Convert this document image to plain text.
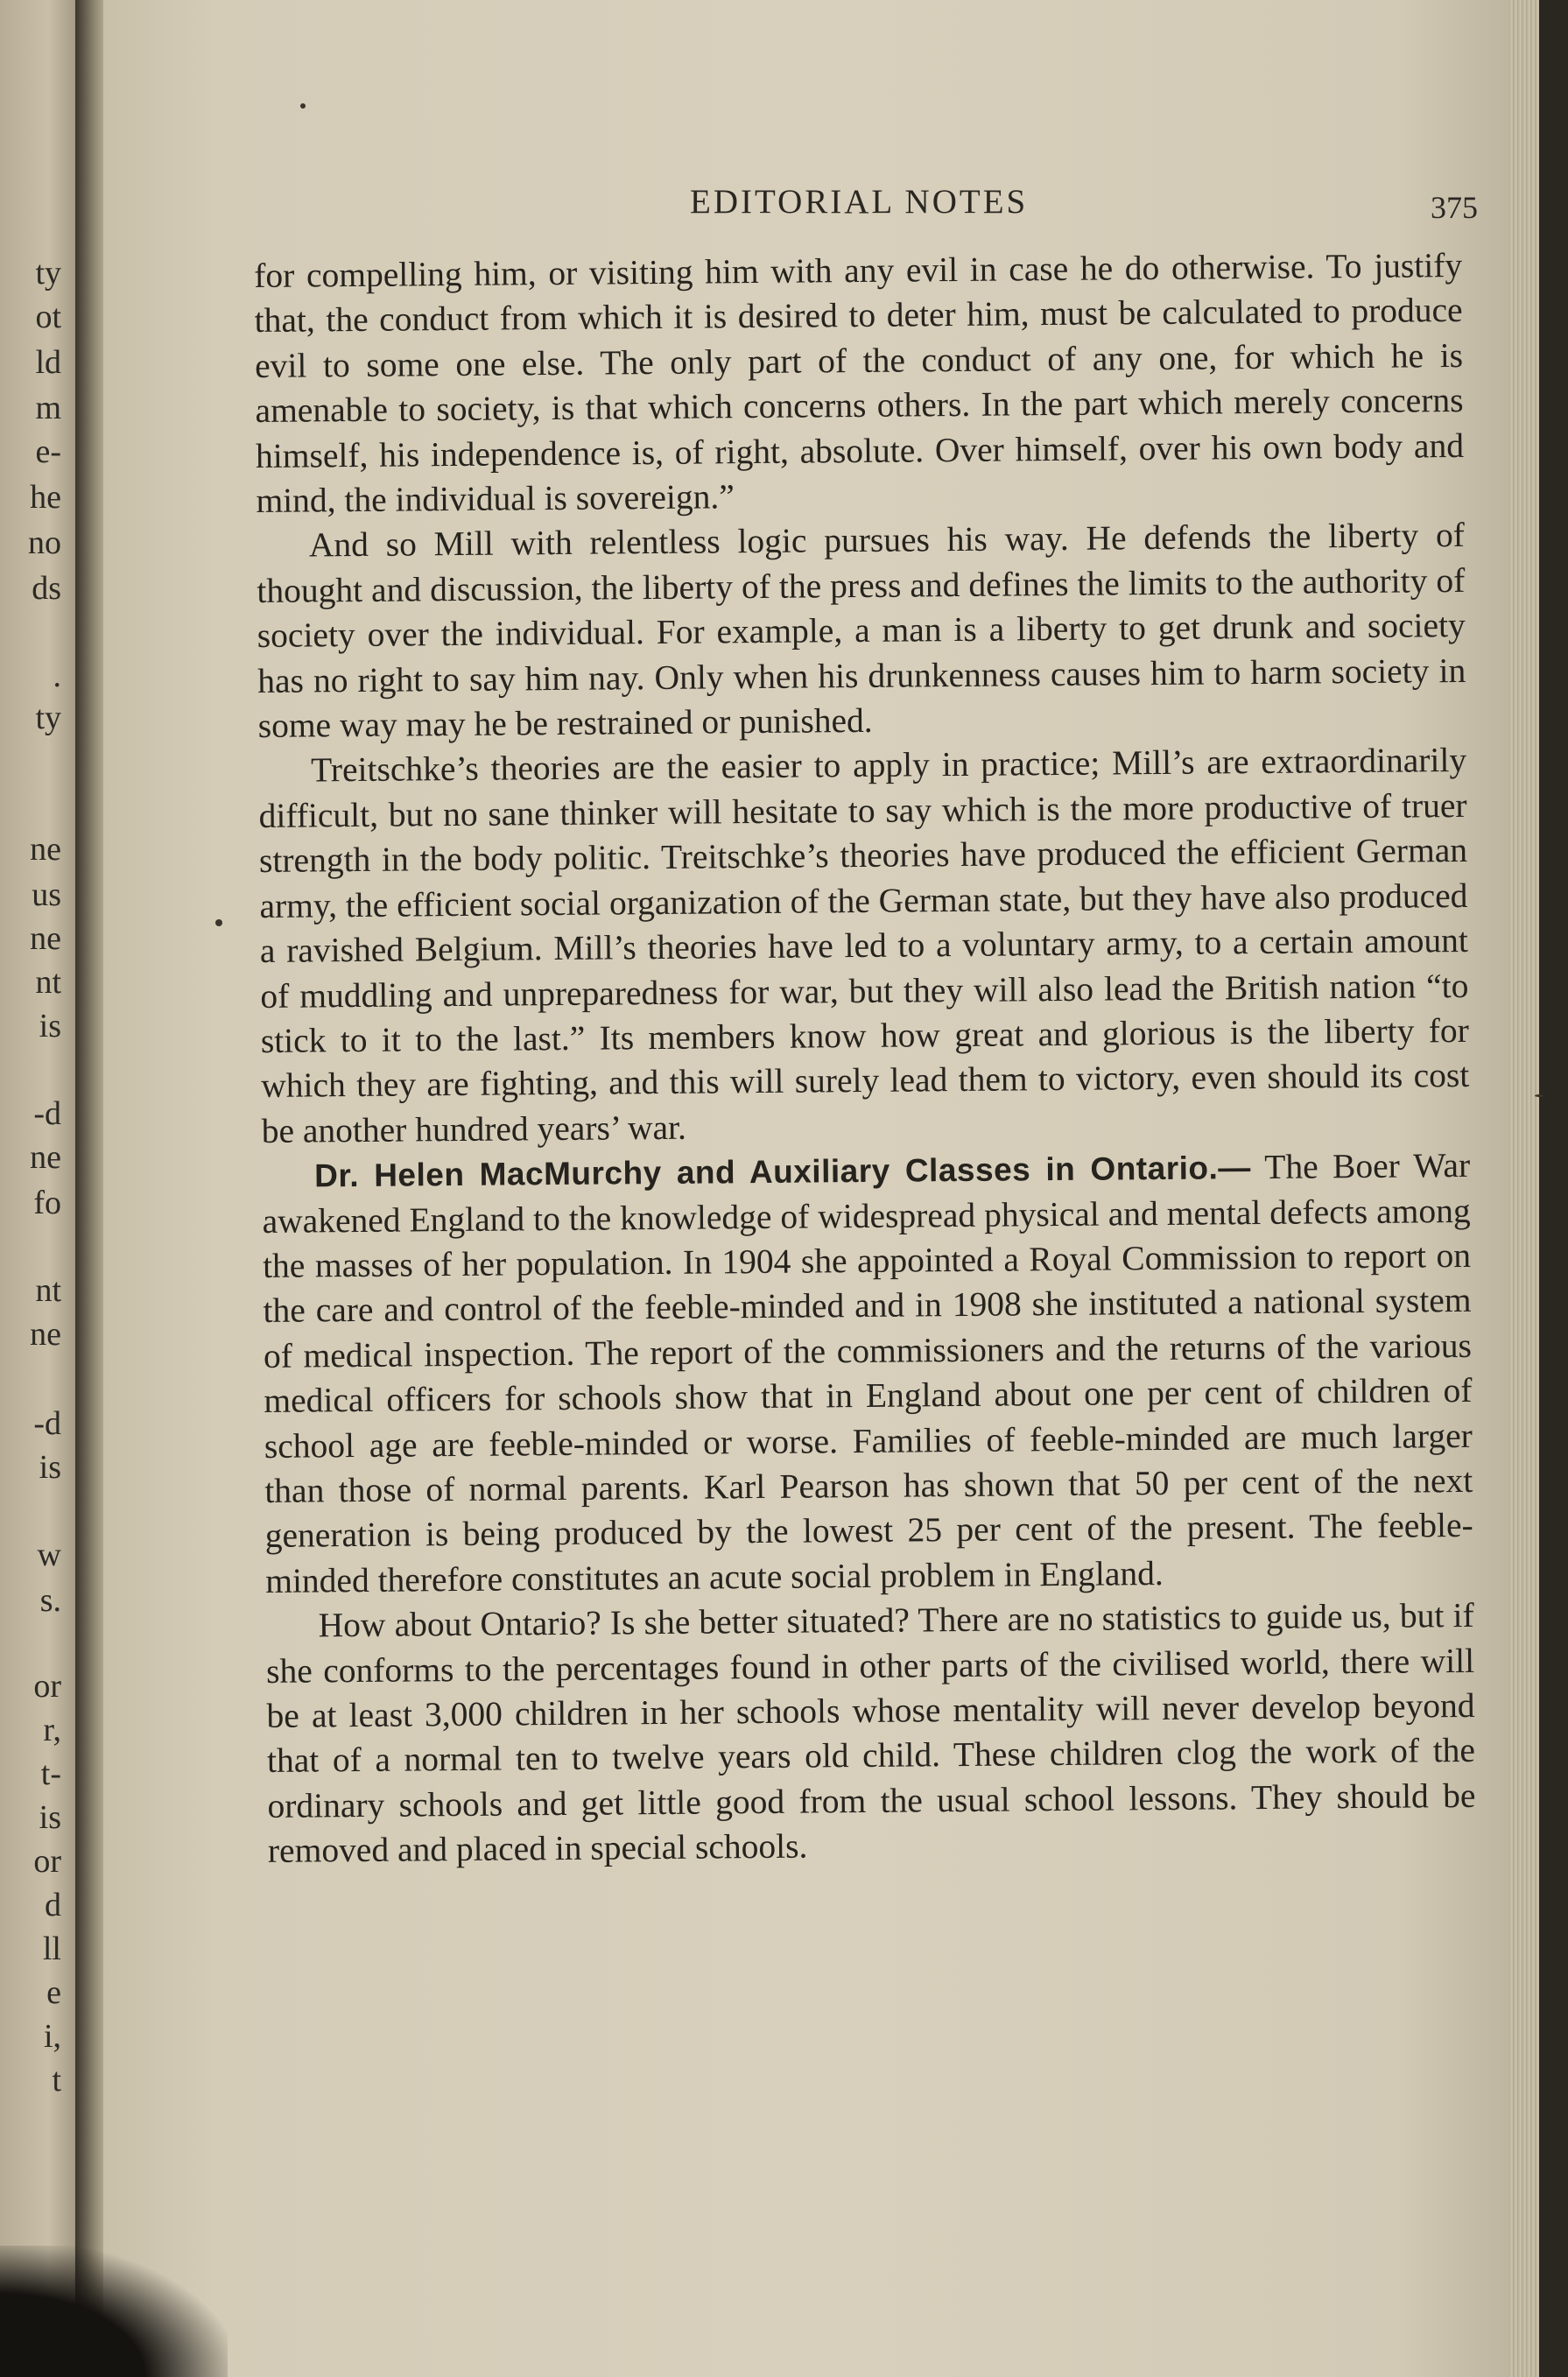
ty
ot
ld
m
e-
he
no
ds
.
ty
ne
us
ne
nt
is
-d
ne
fo
nt
ne
-d
is
w
s.
or
r,
t-
is
or
d
ll
e
i,
t
EDITORIAL NOTES	375

for compelling him, or visiting him with any evil in case he do otherwise. To justify that, the conduct from which it is desired to deter him, must be calculated to produce evil to some one else. The only part of the conduct of any one, for which he is amenable to society, is that which concerns others. In the part which merely concerns himself, his independence is, of right, absolute. Over himself, over his own body and mind, the individual is sovereign.”

And so Mill with relentless logic pursues his way. He defends the liberty of thought and discussion, the liberty of the press and defines the limits to the authority of society over the individual. For example, a man is a liberty to get drunk and society has no right to say him nay. Only when his drunkenness causes him to harm society in some way may he be restrained or punished.

Treitschke’s theories are the easier to apply in practice; Mill’s are extraordinarily difficult, but no sane thinker will hesitate to say which is the more productive of truer strength in the body politic. Treitschke’s theories have produced the efficient German army, the efficient social organization of the German state, but they have also produced a ravished Belgium. Mill’s theories have led to a voluntary army, to a certain amount of muddling and unpreparedness for war, but they will also lead the British nation “to stick to it to the last.” Its members know how great and glorious is the liberty for which they are fighting, and this will surely lead them to victory, even should its cost be another hundred years’ war.

Dr. Helen MacMurchy and Auxiliary Classes in Ontario.— The Boer War awakened England to the knowledge of widespread physical and mental defects among the masses of her population. In 1904 she appointed a Royal Commission to report on the care and control of the feeble-minded and in 1908 she instituted a national system of medical inspection. The report of the commissioners and the returns of the various medical officers for schools show that in England about one per cent of children of school age are feeble-minded or worse. Families of feeble-minded are much larger than those of normal parents. Karl Pearson has shown that 50 per cent of the next generation is being produced by the lowest 25 per cent of the present. The feeble-minded therefore constitutes an acute social problem in England.

How about Ontario? Is she better situated? There are no statistics to guide us, but if she conforms to the percentages found in other parts of the civilised world, there will be at least 3,000 children in her schools whose mentality will never develop beyond that of a normal ten to twelve years old child. These children clog the work of the ordinary schools and get little good from the usual school lessons. They should be removed and placed in special schools.
